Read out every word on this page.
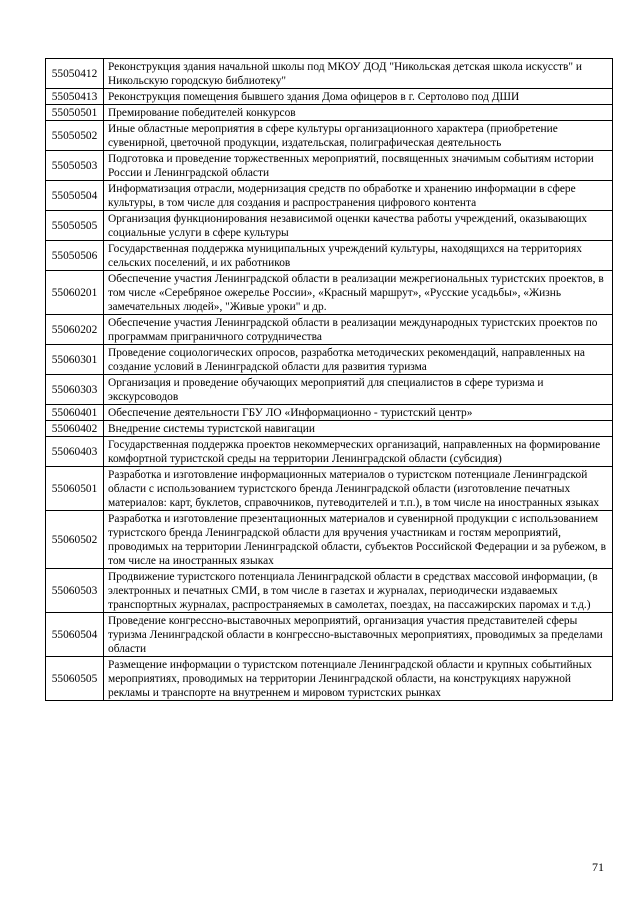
55050412	Реконструкция здания начальной школы под МКОУ ДОД "Никольская детская школа искусств" и Никольскую городскую библиотеку"
55050413	Реконструкция помещения бывшего здания Дома офицеров в г. Сертолово под ДШИ
55050501	Премирование победителей конкурсов
55050502	Иные областные мероприятия в сфере культуры организационного характера (приобретение сувенирной, цветочной продукции, издательская, полиграфическая деятельность
55050503	Подготовка и проведение торжественных мероприятий, посвященных значимым событиям истории России и Ленинградской области
55050504	Информатизация отрасли, модернизация средств по обработке и хранению информации в сфере культуры, в том числе для создания и распространения цифрового контента
55050505	Организация функционирования независимой оценки качества работы учреждений, оказывающих социальные услуги в сфере культуры
55050506	Государственная поддержка муниципальных учреждений культуры, находящихся на территориях сельских поселений, и их работников
55060201	Обеспечение участия Ленинградской области в реализации межрегиональных туристских проектов, в том числе «Серебряное ожерелье России», «Красный маршрут», «Русские усадьбы», «Жизнь замечательных людей», "Живые уроки" и др.
55060202	Обеспечение участия Ленинградской области в реализации международных туристских проектов по программам приграничного сотрудничества
55060301	Проведение социологических опросов, разработка методических рекомендаций, направленных на создание условий в Ленинградской области для развития туризма
55060303	Организация и проведение обучающих мероприятий для специалистов в сфере туризма и экскурсоводов
55060401	Обеспечение деятельности ГБУ ЛО «Информационно - туристский центр»
55060402	Внедрение системы туристской навигации
55060403	Государственная поддержка проектов некоммерческих организаций, направленных на формирование комфортной туристской среды на территории Ленинградской области (субсидия)
55060501	Разработка и изготовление информационных материалов о туристском потенциале Ленинградской области с использованием туристского бренда Ленинградской области (изготовление печатных материалов: карт, буклетов, справочников, путеводителей и т.п.), в том числе на иностранных языках
55060502	Разработка и изготовление презентационных материалов и сувенирной продукции с использованием туристского бренда Ленинградской области для вручения участникам и гостям мероприятий, проводимых на территории Ленинградской области, субъектов Российской Федерации и за рубежом, в том числе на иностранных языках
55060503	Продвижение туристского потенциала Ленинградской области в средствах массовой информации, (в электронных и печатных СМИ, в том числе в газетах и журналах, периодически издаваемых транспортных журналах, распространяемых в самолетах, поездах, на пассажирских паромах и т.д.)
55060504	Проведение конгрессно-выставочных мероприятий, организация участия представителей сферы туризма Ленинградской области в конгрессно-выставочных мероприятиях, проводимых за пределами области
55060505	Размещение информации о туристском потенциале Ленинградской области и крупных событийных мероприятиях, проводимых на территории Ленинградской области, на конструкциях наружной рекламы и транспорте на внутреннем и мировом туристских рынках
71
